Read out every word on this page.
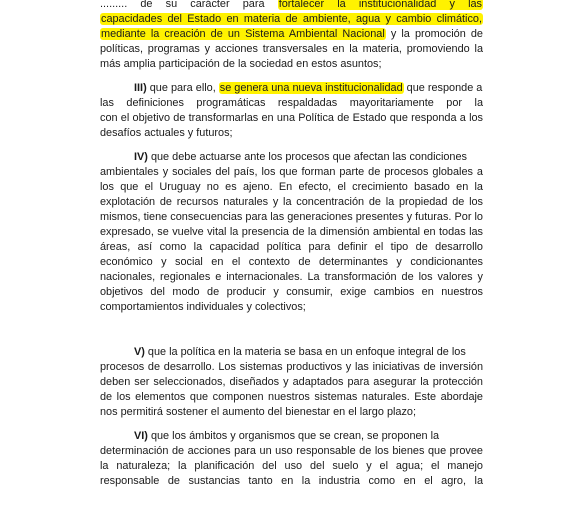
......... de su carácter para fortalecer la institucionalidad y las
capacidades del Estado en materia de ambiente, agua y cambio climático,
mediante la creación de un Sistema Ambiental Nacional y la promoción de
políticas, programas y acciones transversales en la materia, promoviendo la
más amplia participación de la sociedad en estos asuntos;
III) que para ello, se genera una nueva institucionalidad que responde a
las definiciones programáticas respaldadas mayoritariamente por la
con el objetivo de transformarlas en una Política de Estado que responda a los
desafíos actuales y futuros;
IV) que debe actuarse ante los procesos que afectan las condiciones
ambientales y sociales del país, los que forman parte de procesos globales a
los que el Uruguay no es ajeno. En efecto, el crecimiento basado en la
explotación de recursos naturales y la concentración de la propiedad de los
mismos, tiene consecuencias para las generaciones presentes y futuras. Por lo
expresado, se vuelve vital la presencia de la dimensión ambiental en todas las
áreas, así como la capacidad política para definir el tipo de desarrollo
económico y social en el contexto de determinantes y condicionantes
nacionales, regionales e internacionales. La transformación de los valores y
objetivos del modo de producir y consumir, exige cambios en nuestros
comportamientos individuales y colectivos;
V) que la política en la materia se basa en un enfoque integral de los
procesos de desarrollo. Los sistemas productivos y las iniciativas de inversión
deben ser seleccionados, diseñados y adaptados para asegurar la protección
de los elementos que componen nuestros sistemas naturales. Este abordaje
nos permitirá sostener el aumento del bienestar en el largo plazo;
VI) que los ámbitos y organismos que se crean, se proponen la
determinación de acciones para un uso responsable de los bienes que provee
la naturaleza; la planificación del uso del suelo y el agua; el manejo
responsable de sustancias tanto en la industria como en el agro, la
